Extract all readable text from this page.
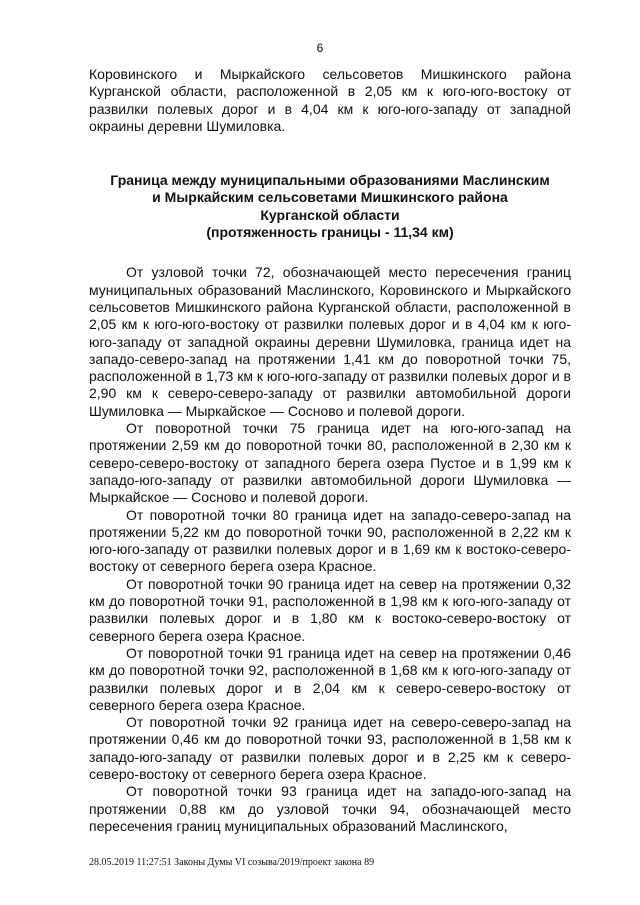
6

Коровинского и Мыркайского сельсоветов Мишкинского района Курганской области, расположенной в 2,05 км к юго-юго-востоку от развилки полевых дорог и в 4,04 км к юго-юго-западу от западной окраины деревни Шумиловка.

Граница между муниципальными образованиями Маслинским
и Мыркайским сельсоветами Мишкинского района
Курганской области
(протяженность границы - 11,34 км)

От узловой точки 72, обозначающей место пересечения границ муниципальных образований Маслинского, Коровинского и Мыркайского сельсоветов Мишкинского района Курганской области, расположенной в 2,05 км к юго-юго-востоку от развилки полевых дорог и в 4,04 км к юго-юго-западу от западной окраины деревни Шумиловка, граница идет на западо-северо-запад на протяжении 1,41 км до поворотной точки 75, расположенной в 1,73 км к юго-юго-западу от развилки полевых дорог и в 2,90 км к северо-северо-западу от развилки автомобильной дороги Шумиловка — Мыркайское — Сосново и полевой дороги.

От поворотной точки 75 граница идет на юго-юго-запад на протяжении 2,59 км до поворотной точки 80, расположенной в 2,30 км к северо-северо-востоку от западного берега озера Пустое и в 1,99 км к западо-юго-западу от развилки автомобильной дороги Шумиловка — Мыркайское — Сосново и полевой дороги.

От поворотной точки 80 граница идет на западо-северо-запад на протяжении 5,22 км до поворотной точки 90, расположенной в 2,22 км к юго-юго-западу от развилки полевых дорог и в 1,69 км к востоко-северо-востоку от северного берега озера Красное.

От поворотной точки 90 граница идет на север на протяжении 0,32 км до поворотной точки 91, расположенной в 1,98 км к юго-юго-западу от развилки полевых дорог и в 1,80 км к востоко-северо-востоку от северного берега озера Красное.

От поворотной точки 91 граница идет на север на протяжении 0,46 км до поворотной точки 92, расположенной в 1,68 км к юго-юго-западу от развилки полевых дорог и в 2,04 км к северо-северо-востоку от северного берега озера Красное.

От поворотной точки 92 граница идет на северо-северо-запад на протяжении 0,46 км до поворотной точки 93, расположенной в 1,58 км к западо-юго-западу от развилки полевых дорог и в 2,25 км к северо-северо-востоку от северного берега озера Красное.

От поворотной точки 93 граница идет на западо-юго-запад на протяжении 0,88 км до узловой точки 94, обозначающей место пересечения границ муниципальных образований Маслинского,

28.05.2019 11:27:51 Законы Думы VI созыва/2019/проект закона 89
